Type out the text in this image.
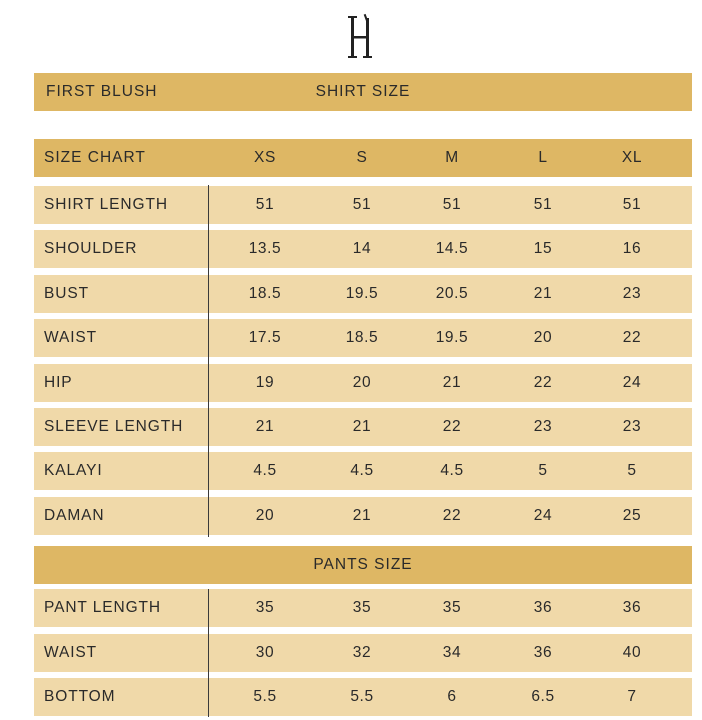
FIRST BLUSH	SHIRT SIZE
SIZE CHART	XS	S	M	L	XL
SHIRT LENGTH	51	51	51	51	51
SHOULDER	13.5	14	14.5	15	16
BUST	18.5	19.5	20.5	21	23
WAIST	17.5	18.5	19.5	20	22
HIP	19	20	21	22	24
SLEEVE LENGTH	21	21	22	23	23
KALAYI	4.5	4.5	4.5	5	5
DAMAN	20	21	22	24	25
PANTS SIZE
PANT LENGTH	35	35	35	36	36
WAIST	30	32	34	36	40
BOTTOM	5.5	5.5	6	6.5	7
